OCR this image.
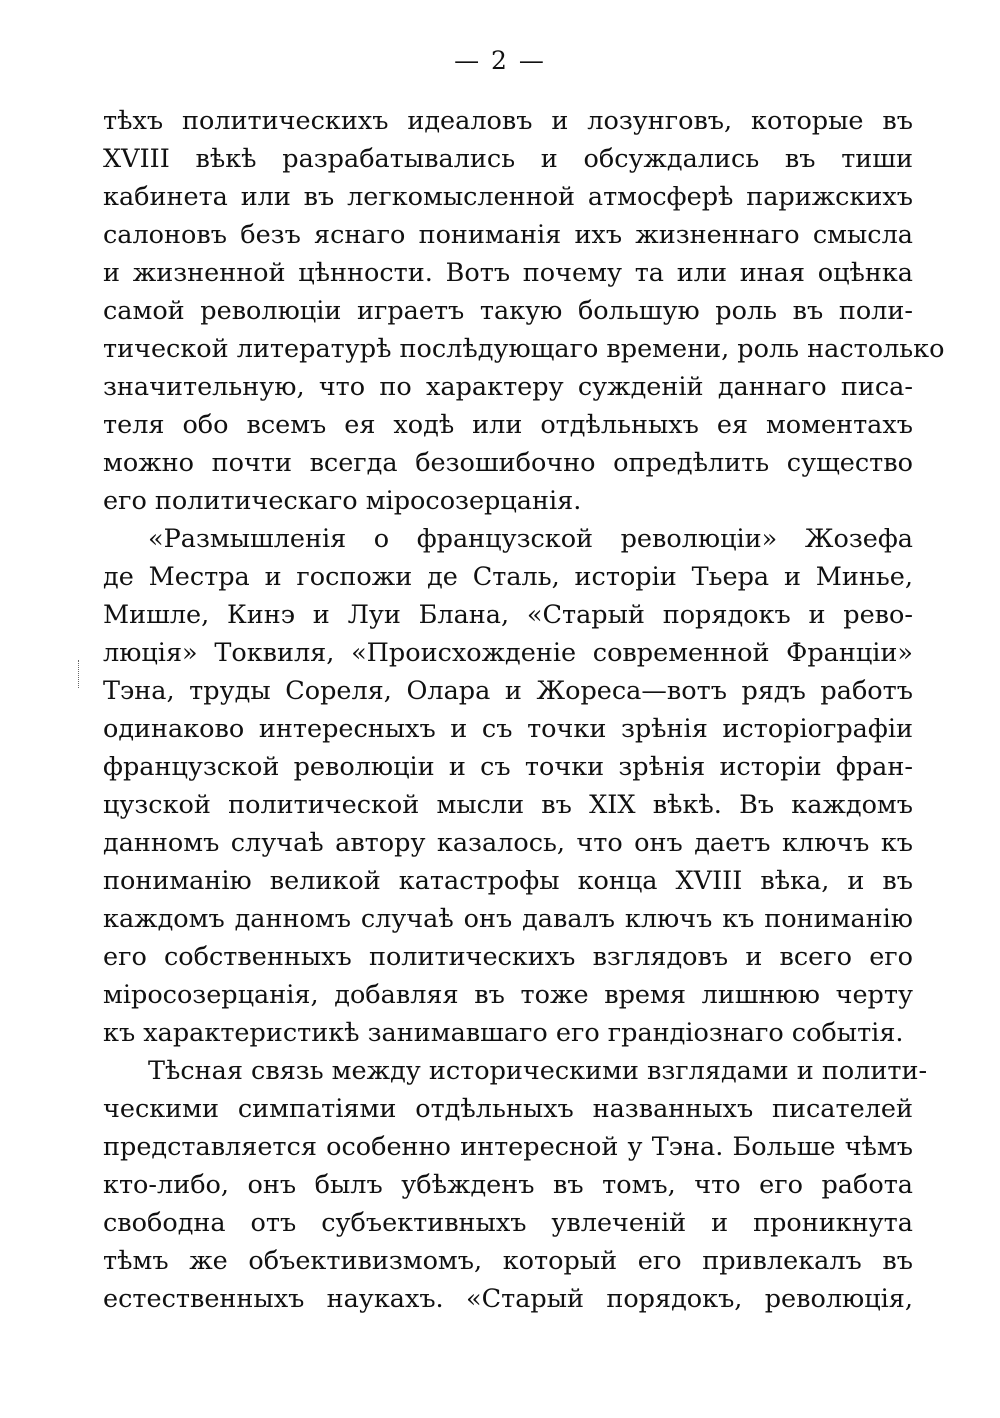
— 2 —
тѣхъ политическихъ идеаловъ и лозунговъ, которые въ
XVIII вѣкѣ разрабатывались и обсуждались въ тиши
кабинета или въ легкомысленной атмосферѣ парижскихъ
салоновъ безъ яснаго пониманія ихъ жизненнаго смысла
и жизненной цѣнности. Вотъ почему та или иная оцѣнка
самой революціи играетъ такую большую роль въ поли-
тической литературѣ послѣдующаго времени, роль настолько
значительную, что по характеру сужденій даннаго писа-
теля обо всемъ ея ходѣ или отдѣльныхъ ея моментахъ
можно почти всегда безошибочно опредѣлить существо
его политическаго міросозерцанія.
«Размышленія о французской революціи» Жозефа
де Местра и госпожи де Сталь, исторіи Тьера и Минье,
Мишле, Кинэ и Луи Блана, «Старый порядокъ и рево-
люція» Токвиля, «Происхожденіе современной Франціи»
Тэна, труды Сореля, Олара и Жореса—вотъ рядъ работъ
одинаково интересныхъ и съ точки зрѣнія исторіографіи
французской революціи и съ точки зрѣнія исторіи фран-
цузской политической мысли въ XIX вѣкѣ. Въ каждомъ
данномъ случаѣ автору казалось, что онъ даетъ ключъ къ
пониманію великой катастрофы конца XVIII вѣка, и въ
каждомъ данномъ случаѣ онъ давалъ ключъ къ пониманію
его собственныхъ политическихъ взглядовъ и всего его
міросозерцанія, добавляя въ тоже время лишнюю черту
къ характеристикѣ занимавшаго его грандіознаго событія.
Тѣсная связь между историческими взглядами и полити-
ческими симпатіями отдѣльныхъ названныхъ писателей
представляется особенно интересной у Тэна. Больше чѣмъ
кто-либо, онъ былъ убѣжденъ въ томъ, что его работа
свободна отъ субъективныхъ увлеченій и проникнута
тѣмъ же объективизмомъ, который его привлекалъ въ
естественныхъ наукахъ. «Старый порядокъ, революція,
